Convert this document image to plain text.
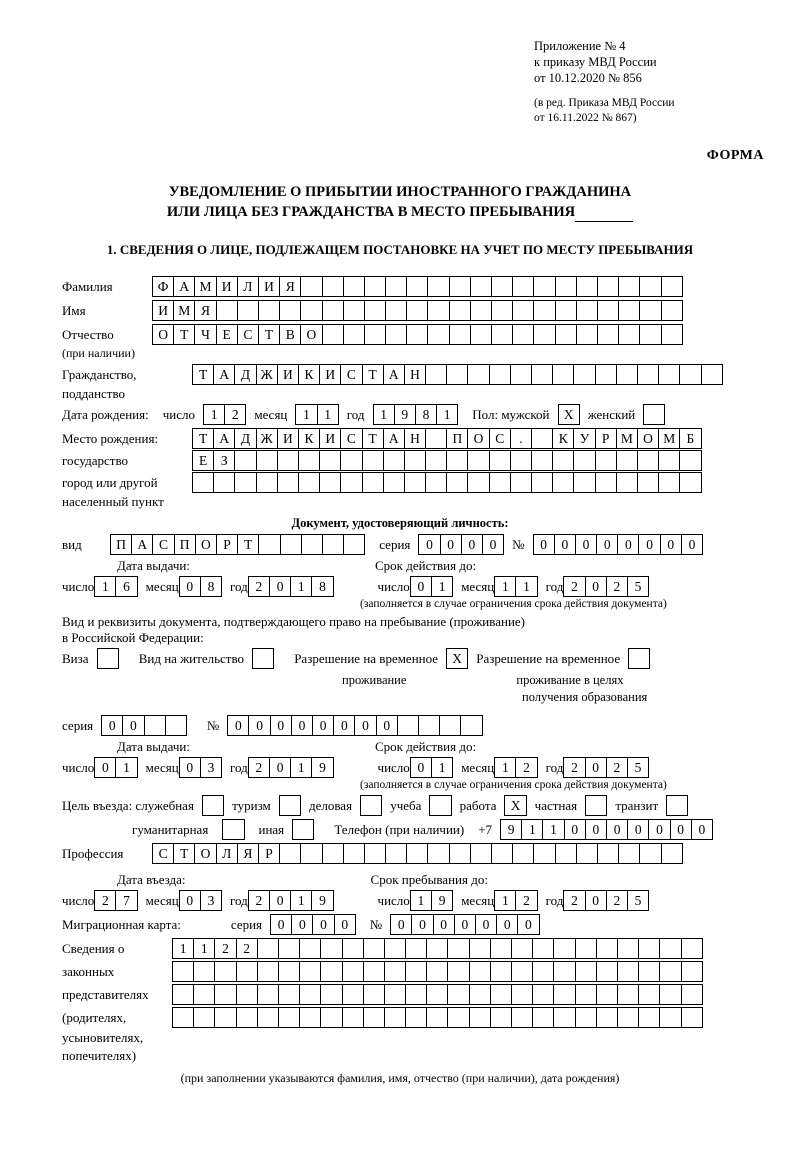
Приложение № 4
к приказу МВД России
от 10.12.2020 № 856
(в ред. Приказа МВД России
от 16.11.2022 № 867)
ФОРМА
УВЕДОМЛЕНИЕ О ПРИБЫТИИ ИНОСТРАННОГО ГРАЖДАНИНА
ИЛИ ЛИЦА БЕЗ ГРАЖДАНСТВА В МЕСТО ПРЕБЫВАНИЯ
1. СВЕДЕНИЯ О ЛИЦЕ, ПОДЛЕЖАЩЕМ ПОСТАНОВКЕ НА УЧЕТ ПО МЕСТУ ПРЕБЫВАНИЯ
Фамилия	Ф А М И Л И Я
Имя	И М Я
Отчество	О Т Ч Е С Т В О
(при наличии)
Гражданство,	Т А Д Ж И К И С Т А Н
подданство
Дата рождения: число	1	2	месяц	1	1	год	1	9	8	1	Пол: мужской	Х	женский
Место рождения:	Т А Д Ж И К И С Т А Н	П О С	.	К У Р М О М Б
государство	Е	З
город или другой
населенный пункт
Документ, удостоверяющий личность:
вид	П А С П О Р Т	серия	0	0	0	0	№	0	0	0	0	0	0	0	0
Дата выдачи:	Срок действия до:
число 1	6	месяц 0	8	год 2	0	1	8	число 0	1	месяц 1	1	год 2	0	2	5
(заполняется в случае ограничения срока действия документа)
Вид и реквизиты документа, подтверждающего право на пребывание (проживание)
в Российской Федерации:
Виза	Вид на жительство	Разрешение на временное	Х	Разрешение на временное
проживание	проживание в целях
получения образования
серия	0	0	№	0	0	0	0	0	0	0	0
Дата выдачи:	Срок действия до:
число 0	1	месяц 0	3	год 2	0	1	9	число 0	1	месяц 1	2	год 2	0	2	5
(заполняется в случае ограничения срока действия документа)
Цель въезда: служебная	туризм	деловая	учеба	работа	Х	частная	транзит
гуманитарная	иная	Телефон (при наличии) +7	9	1	1	0	0	0	0	0	0	0
Профессия	С Т О Л Я Р
Дата въезда:	Срок пребывания до:
число 2	7	месяц 0	3	год 2	0	1	9	число 1	9	месяц 1	2	год 2	0	2	5
Миграционная карта:	серия	0	0	0	0	№	0	0	0	0	0	0	0
Сведения о	1	1	2	2
законных
представителях
(родителях,
усыновителях,
попечителях)
(при заполнении указываются фамилия, имя, отчество (при наличии), дата рождения)
